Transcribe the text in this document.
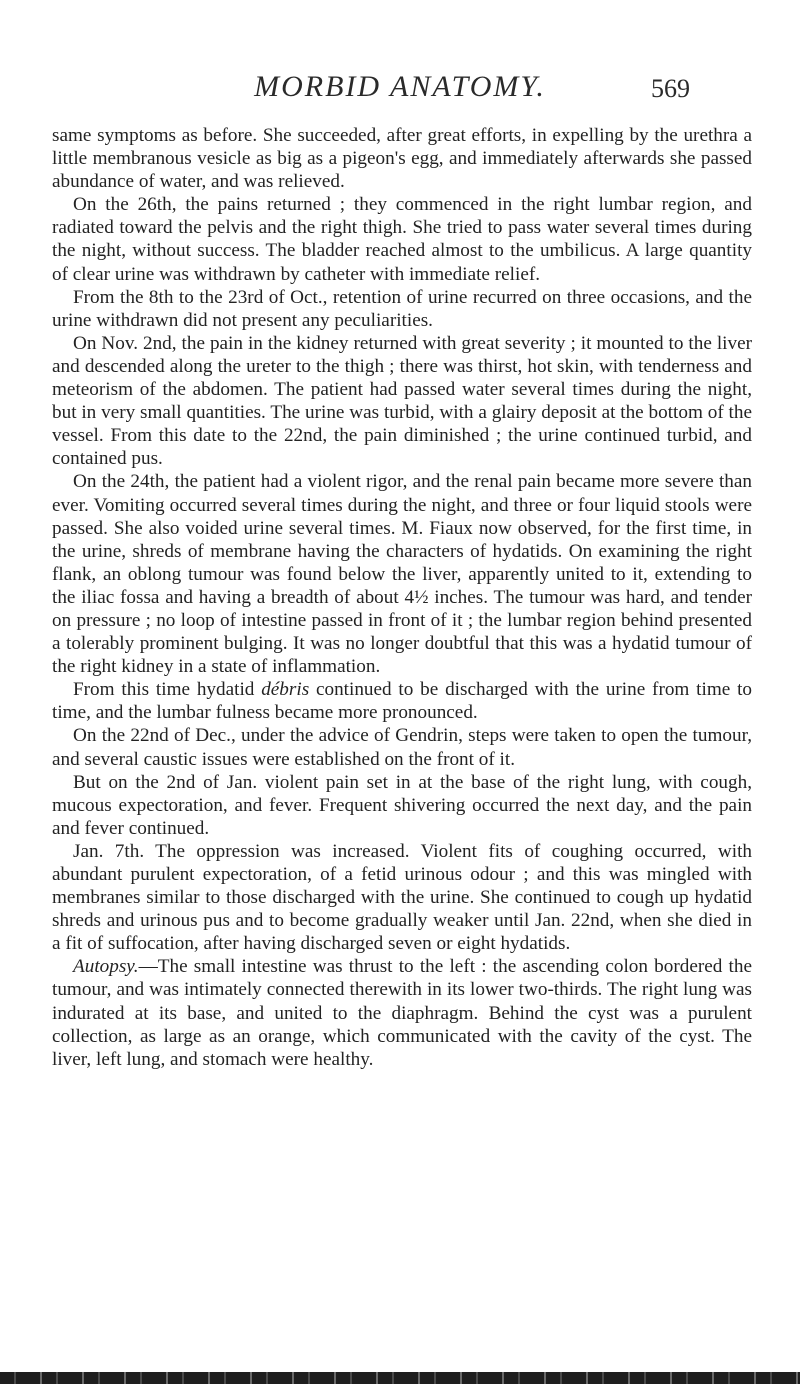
MORBID ANATOMY.	569

same symptoms as before. She succeeded, after great efforts, in expelling by the urethra a little membranous vesicle as big as a pigeon's egg, and immediately afterwards she passed abundance of water, and was relieved.

On the 26th, the pains returned ; they commenced in the right lumbar region, and radiated toward the pelvis and the right thigh. She tried to pass water several times during the night, without success. The bladder reached almost to the umbilicus. A large quantity of clear urine was withdrawn by catheter with immediate relief.

From the 8th to the 23rd of Oct., retention of urine recurred on three occasions, and the urine withdrawn did not present any peculiarities.

On Nov. 2nd, the pain in the kidney returned with great severity ; it mounted to the liver and descended along the ureter to the thigh ; there was thirst, hot skin, with tenderness and meteorism of the abdomen. The patient had passed water several times during the night, but in very small quantities. The urine was turbid, with a glairy deposit at the bottom of the vessel. From this date to the 22nd, the pain diminished ; the urine continued turbid, and contained pus.

On the 24th, the patient had a violent rigor, and the renal pain became more severe than ever. Vomiting occurred several times during the night, and three or four liquid stools were passed. She also voided urine several times. M. Fiaux now observed, for the first time, in the urine, shreds of membrane having the characters of hydatids. On examining the right flank, an oblong tumour was found below the liver, apparently united to it, extending to the iliac fossa and having a breadth of about 4½ inches. The tumour was hard, and tender on pressure ; no loop of intestine passed in front of it ; the lumbar region behind presented a tolerably prominent bulging. It was no longer doubtful that this was a hydatid tumour of the right kidney in a state of inflammation.

From this time hydatid débris continued to be discharged with the urine from time to time, and the lumbar fulness became more pronounced.

On the 22nd of Dec., under the advice of Gendrin, steps were taken to open the tumour, and several caustic issues were established on the front of it.

But on the 2nd of Jan. violent pain set in at the base of the right lung, with cough, mucous expectoration, and fever. Frequent shivering occurred the next day, and the pain and fever continued.

Jan. 7th. The oppression was increased. Violent fits of coughing occurred, with abundant purulent expectoration, of a fetid urinous odour ; and this was mingled with membranes similar to those discharged with the urine. She continued to cough up hydatid shreds and urinous pus and to become gradually weaker until Jan. 22nd, when she died in a fit of suffocation, after having discharged seven or eight hydatids.

Autopsy.—The small intestine was thrust to the left : the ascending colon bordered the tumour, and was intimately connected therewith in its lower two-thirds. The right lung was indurated at its base, and united to the diaphragm. Behind the cyst was a purulent collection, as large as an orange, which communicated with the cavity of the cyst. The liver, left lung, and stomach were healthy.
